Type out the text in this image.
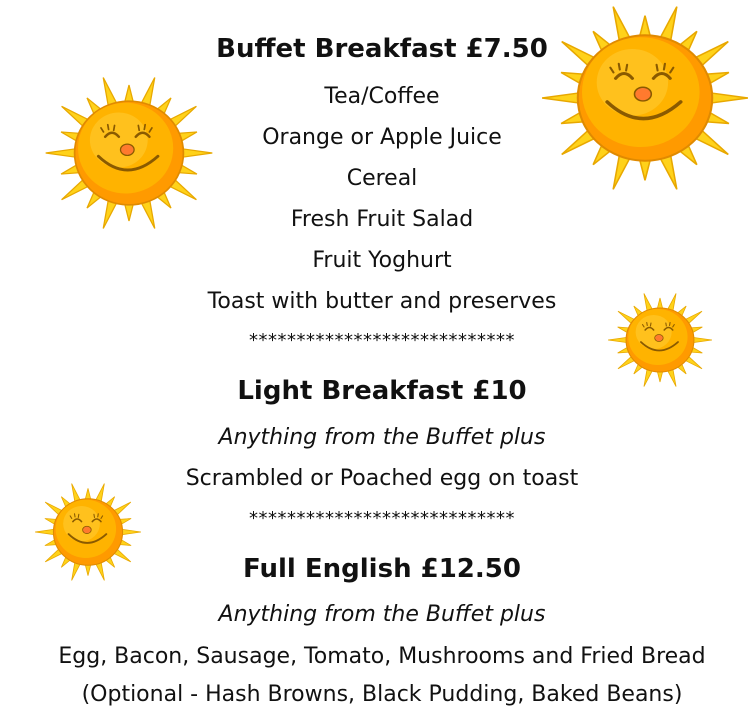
Buffet Breakfast £7.50
Tea/Coffee
Orange or Apple Juice
Cereal
Fresh Fruit Salad
Fruit Yoghurt
Toast with butter and preserves
****************************
Light Breakfast £10
Anything from the Buffet plus
Scrambled or Poached egg on toast
****************************
Full English £12.50
Anything from the Buffet plus
Egg, Bacon, Sausage, Tomato, Mushrooms and Fried Bread
(Optional - Hash Browns, Black Pudding, Baked Beans)
